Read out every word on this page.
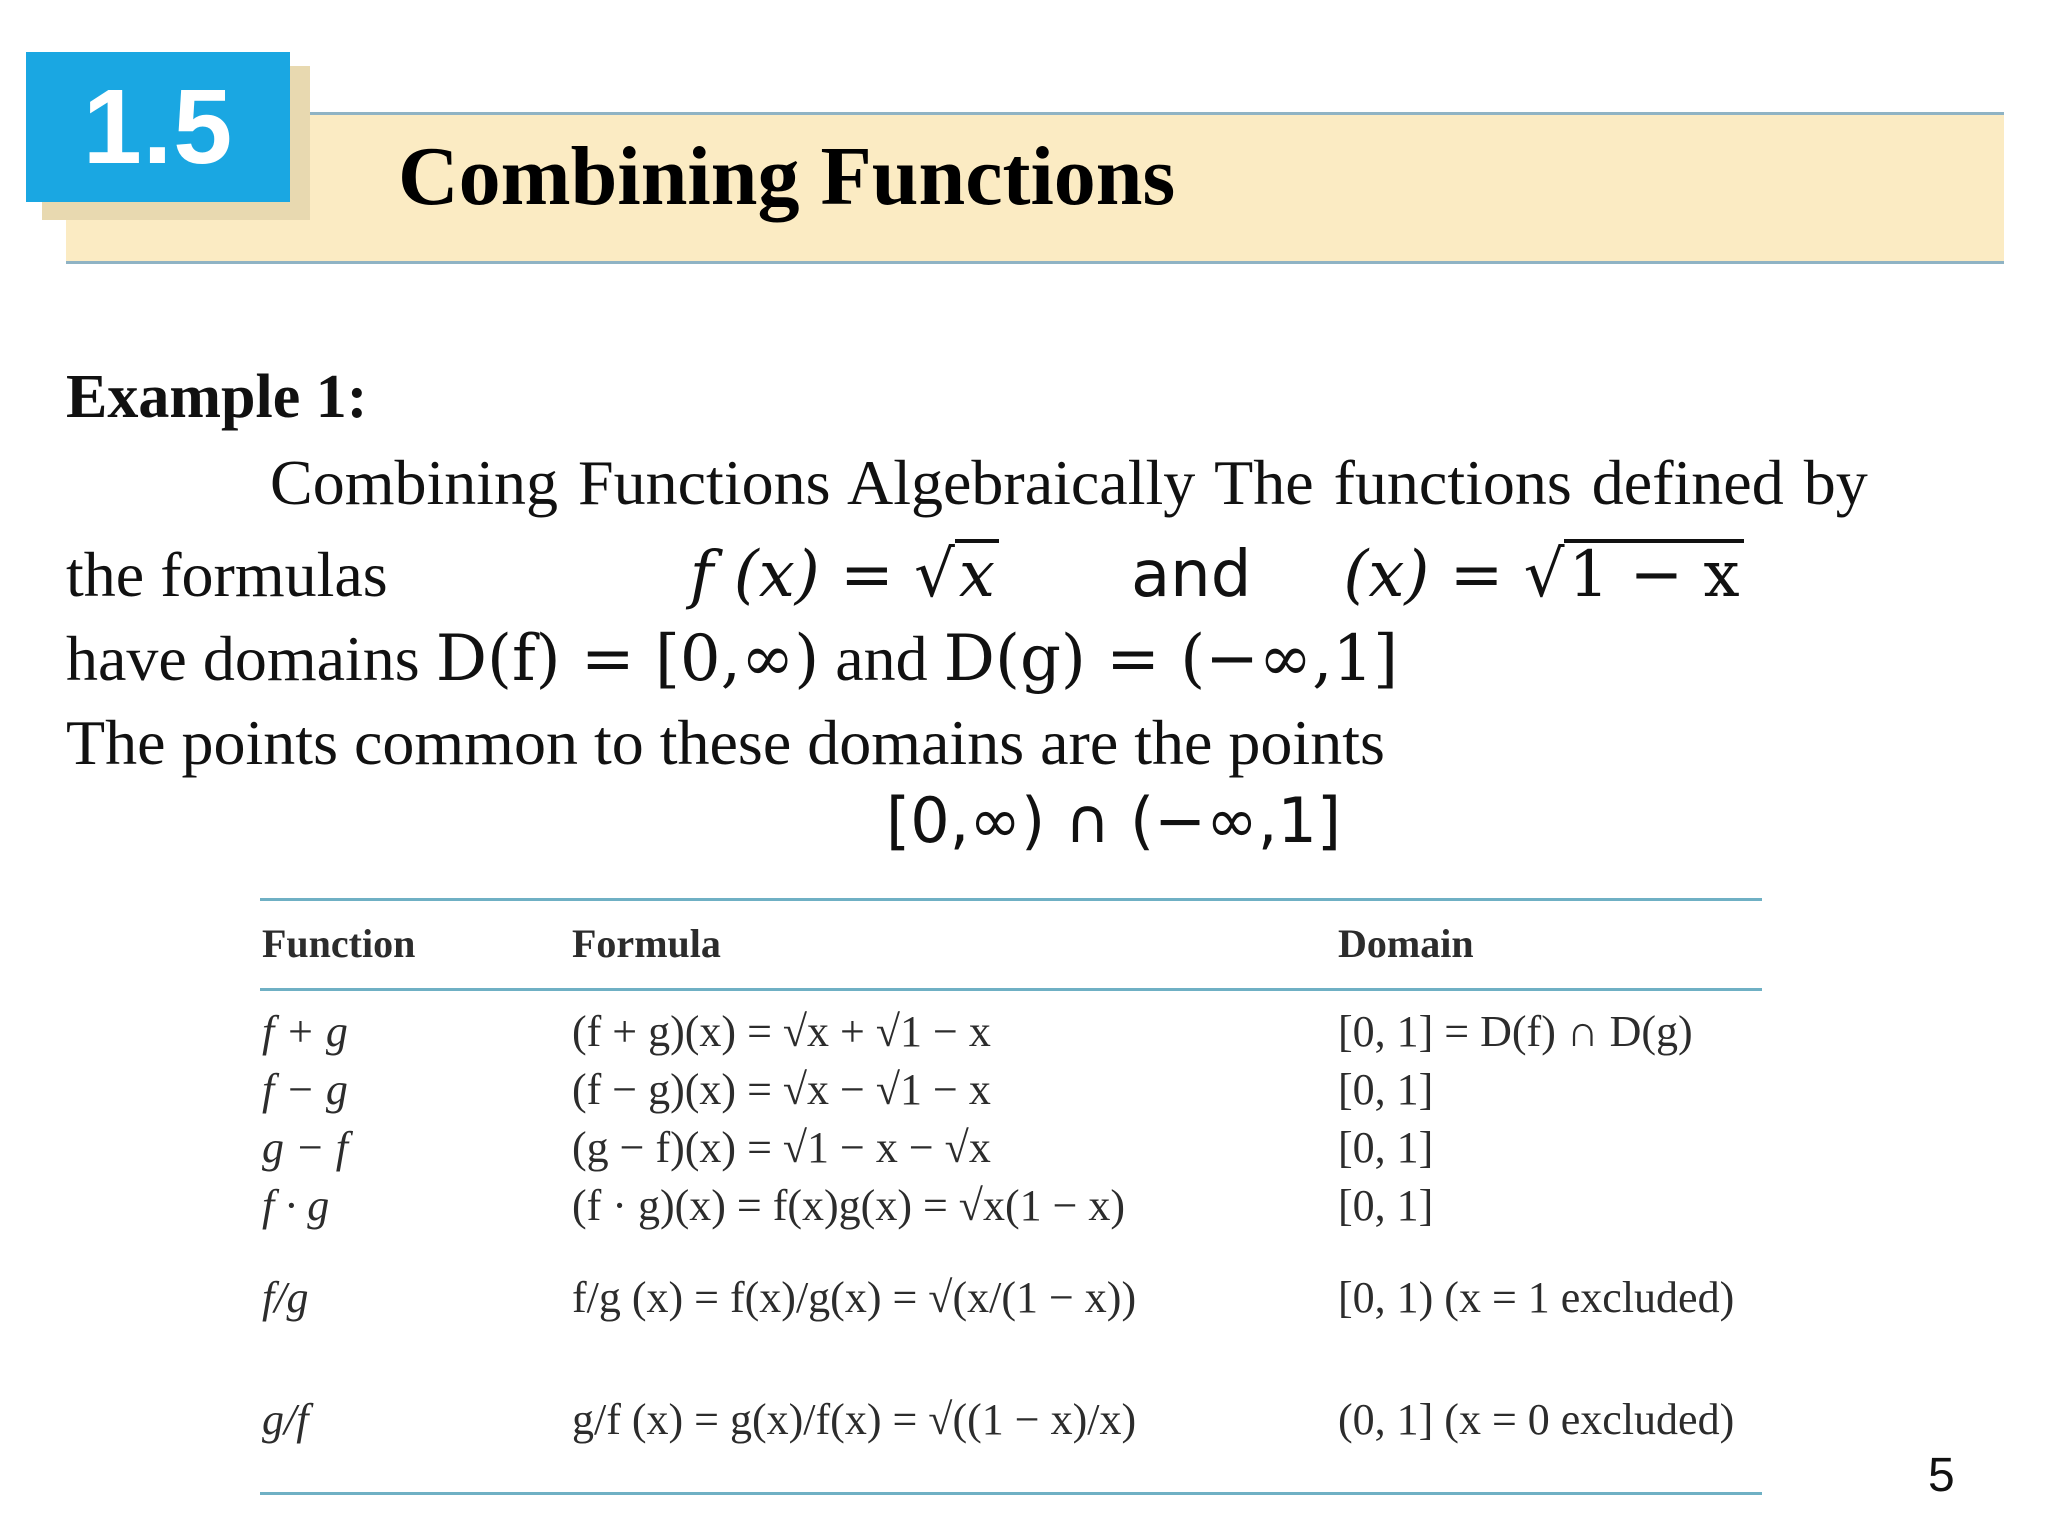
1.5	Combining Functions
Example 1:
Combining Functions Algebraically The functions defined by
the formulas	f (x) = √x and (x) = √1 − x
have domains D(f) = [0,∞) and D(g) = (−∞,1]
The points common to these domains are the points
[0,∞) ∩ (−∞,1]
Function	Formula	Domain
f + g	(f + g)(x) = √x + √1 − x	[0, 1] = D(f) ∩ D(g)
f − g	(f − g)(x) = √x − √1 − x	[0, 1]
g − f	(g − f)(x) = √1 − x − √x	[0, 1]
f · g	(f · g)(x) = f(x)g(x) = √x(1 − x)	[0, 1]
f/g	f/g (x) = f(x)/g(x) = √(x/(1 − x))	[0, 1) (x = 1 excluded)
g/f	g/f (x) = g(x)/f(x) = √((1 − x)/x)	(0, 1] (x = 0 excluded)
5
